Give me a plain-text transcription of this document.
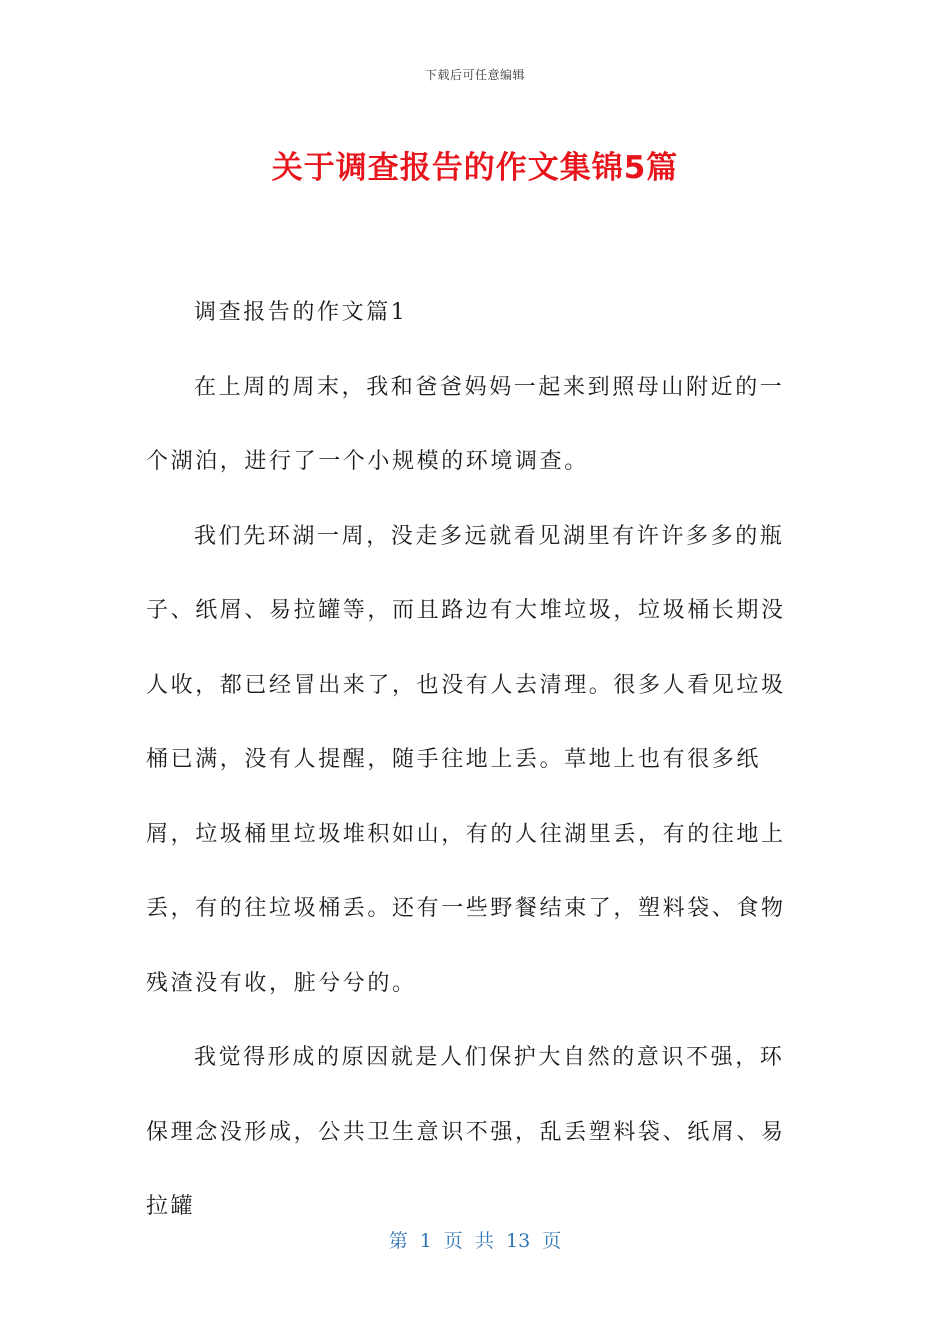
下载后可任意编辑
关于调查报告的作文集锦5篇

调查报告的作文篇1

在上周的周末，我和爸爸妈妈一起来到照母山附近的一个湖泊，进行了一个小规模的环境调查。

我们先环湖一周，没走多远就看见湖里有许许多多的瓶子、纸屑、易拉罐等，而且路边有大堆垃圾，垃圾桶长期没人收，都已经冒出来了，也没有人去清理。很多人看见垃圾桶已满，没有人提醒，随手往地上丢。草地上也有很多纸屑，垃圾桶里垃圾堆积如山，有的人往湖里丢，有的往地上丢，有的往垃圾桶丢。还有一些野餐结束了，塑料袋、食物残渣没有收，脏兮兮的。

我觉得形成的原因就是人们保护大自然的意识不强，环保理念没形成，公共卫生意识不强，乱丢塑料袋、纸屑、易拉罐

第 1 页 共 13 页
